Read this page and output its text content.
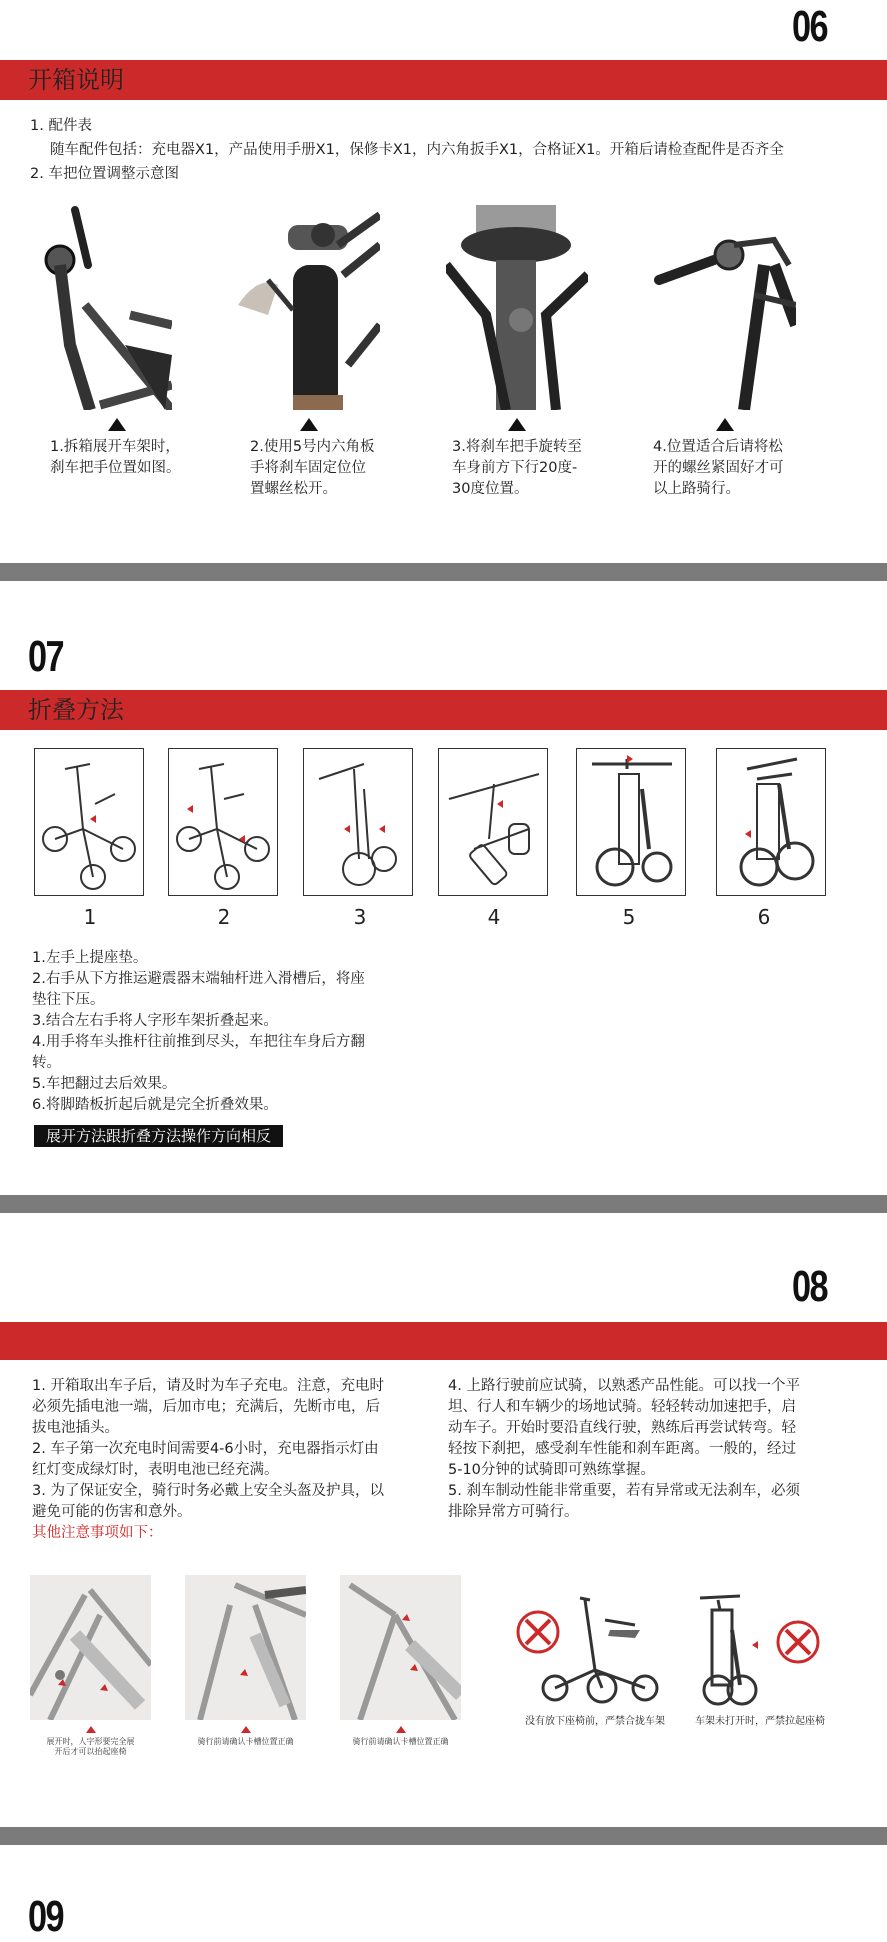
06
开箱说明
1. 配件表
随车配件包括：充电器X1，产品使用手册X1，保修卡X1，内六角扳手X1，合格证X1。开箱后请检查配件是否齐全
2. 车把位置调整示意图
1.拆箱展开车架时，
刹车把手位置如图。
2.使用5号内六角板
手将刹车固定位位
置螺丝松开。
3.将刹车把手旋转至
车身前方下行20度-
30度位置。
4.位置适合后请将松
开的螺丝紧固好才可
以上路骑行。
07
折叠方法
1	2	3	4	5	6
1.左手上提座垫。
2.右手从下方推运避震器末端轴杆进入滑槽后，将座
垫往下压。
3.结合左右手将人字形车架折叠起来。
4.用手将车头推杆往前推到尽头，车把往车身后方翻
转。
5.车把翻过去后效果。
6.将脚踏板折起后就是完全折叠效果。
展开方法跟折叠方法操作方向相反
08
1. 开箱取出车子后，请及时为车子充电。注意，充电时
必须先插电池一端，后加市电；充满后，先断市电，后
拔电池插头。
2. 车子第一次充电时间需要4-6小时，充电器指示灯由
红灯变成绿灯时，表明电池已经充满。
3. 为了保证安全，骑行时务必戴上安全头盔及护具，以
避免可能的伤害和意外。
其他注意事项如下：
4. 上路行驶前应试骑，以熟悉产品性能。可以找一个平
坦、行人和车辆少的场地试骑。轻轻转动加速把手，启
动车子。开始时要沿直线行驶，熟练后再尝试转弯。轻
轻按下刹把，感受刹车性能和刹车距离。一般的，经过
5-10分钟的试骑即可熟练掌握。
5. 刹车制动性能非常重要，若有异常或无法刹车，必须
排除异常方可骑行。
展开时，人字形要完全展
开后才可以抬起座椅
骑行前请确认卡槽位置正确	骑行前请确认卡槽位置正确
没有放下座椅前，严禁合拢车架	车架未打开时，严禁拉起座椅
09
